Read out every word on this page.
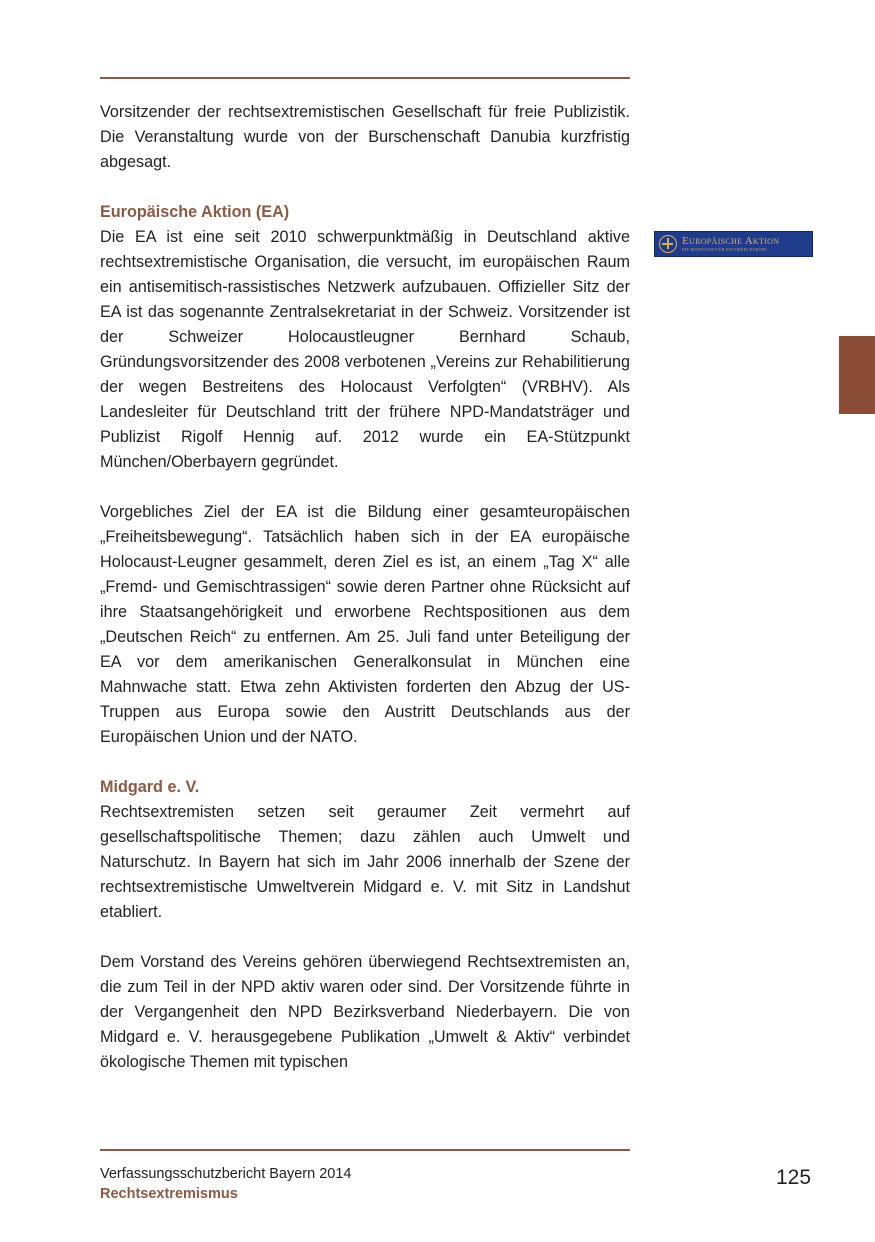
Vorsitzender der rechtsextremistischen Gesellschaft für freie Publizistik. Die Veranstaltung wurde von der Burschenschaft Danubia kurzfristig abgesagt.

Europäische Aktion (EA)

Die EA ist eine seit 2010 schwerpunktmäßig in Deutschland aktive rechtsextremistische Organisation, die versucht, im europäischen Raum ein antisemitisch-rassistisches Netzwerk aufzubauen. Offizieller Sitz der EA ist das sogenannte Zentralsekretariat in der Schweiz. Vorsitzender ist der Schweizer Holocaustleugner Bernhard Schaub, Gründungsvorsitzender des 2008 verbotenen „Vereins zur Rehabilitierung der wegen Bestreitens des Holocaust Verfolgten“ (VRBHV). Als Landesleiter für Deutschland tritt der frühere NPD-Mandatsträger und Publizist Rigolf Hennig auf. 2012 wurde ein EA-Stützpunkt München/Oberbayern gegründet.

Vorgebliches Ziel der EA ist die Bildung einer gesamteuropäischen „Freiheitsbewegung“. Tatsächlich haben sich in der EA europäische Holocaust-Leugner gesammelt, deren Ziel es ist, an einem „Tag X“ alle „Fremd- und Gemischtrassigen“ sowie deren Partner ohne Rücksicht auf ihre Staatsangehörigkeit und erworbene Rechtspositionen aus dem „Deutschen Reich“ zu entfernen. Am 25. Juli fand unter Beteiligung der EA vor dem amerikanischen Generalkonsulat in München eine Mahnwache statt. Etwa zehn Aktivisten forderten den Abzug der US-Truppen aus Europa sowie den Austritt Deutschlands aus der Europäischen Union und der NATO.

Midgard e. V.

Rechtsextremisten setzen seit geraumer Zeit vermehrt auf gesellschaftspolitische Themen; dazu zählen auch Umwelt und Naturschutz. In Bayern hat sich im Jahr 2006 innerhalb der Szene der rechtsextremistische Umweltverein Midgard e. V. mit Sitz in Landshut etabliert.

Dem Vorstand des Vereins gehören überwiegend Rechtsextremisten an, die zum Teil in der NPD aktiv waren oder sind. Der Vorsitzende führte in der Vergangenheit den NPD Bezirksverband Niederbayern. Die von Midgard e. V. herausgegebene Publikation „Umwelt & Aktiv“ verbindet ökologische Themen mit typischen

Europäische Aktion
DIE BEWEGUNG FÜR EIN FREIES EUROPA
Verfassungsschutzbericht Bayern 2014
Rechtsextremismus
125
